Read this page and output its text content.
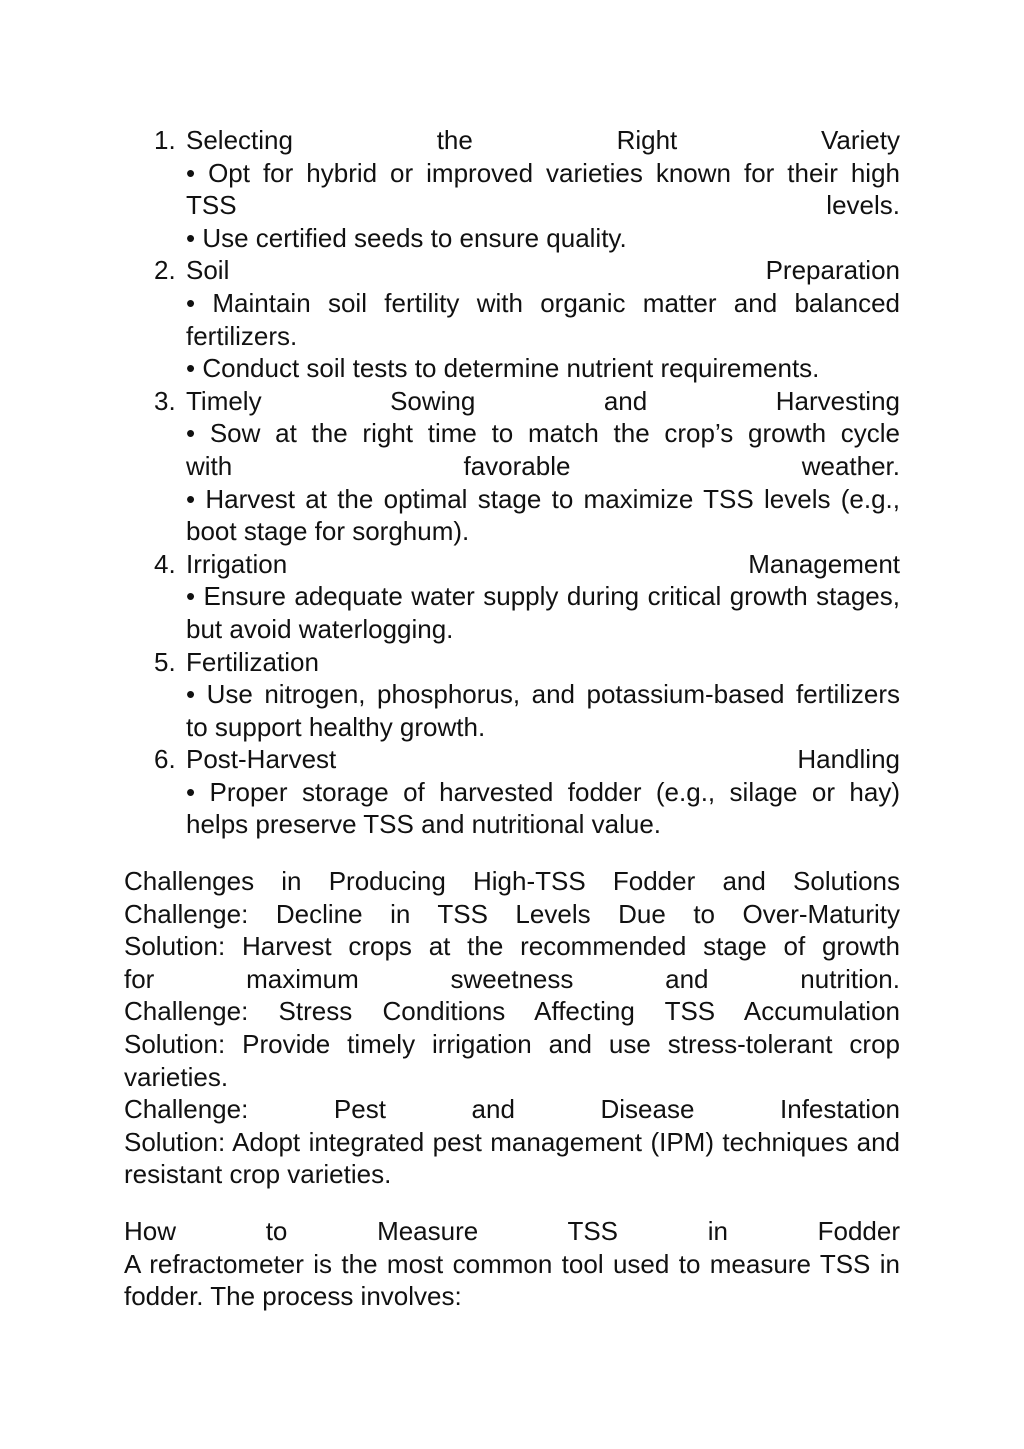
1. Selecting the Right Variety
• Opt for hybrid or improved varieties known for their high
TSS levels.
• Use certified seeds to ensure quality.
2. Soil Preparation
• Maintain soil fertility with organic matter and balanced fertilizers.
• Conduct soil tests to determine nutrient requirements.
3. Timely Sowing and Harvesting
• Sow at the right time to match the crop’s growth cycle
with favorable weather.
• Harvest at the optimal stage to maximize TSS levels (e.g., boot stage for sorghum).
4. Irrigation Management
• Ensure adequate water supply during critical growth stages, but avoid waterlogging.
5. Fertilization
• Use nitrogen, phosphorus, and potassium-based fertilizers to support healthy growth.
6. Post-Harvest Handling
• Proper storage of harvested fodder (e.g., silage or hay) helps preserve TSS and nutritional value.
Challenges in Producing High-TSS Fodder and Solutions
Challenge: Decline in TSS Levels Due to Over-Maturity
Solution: Harvest crops at the recommended stage of growth
for maximum sweetness and nutrition.
Challenge: Stress Conditions Affecting TSS Accumulation
Solution: Provide timely irrigation and use stress-tolerant crop varieties.
Challenge: Pest and Disease Infestation
Solution: Adopt integrated pest management (IPM) techniques and resistant crop varieties.
How to Measure TSS in Fodder
A refractometer is the most common tool used to measure TSS in fodder. The process involves:
